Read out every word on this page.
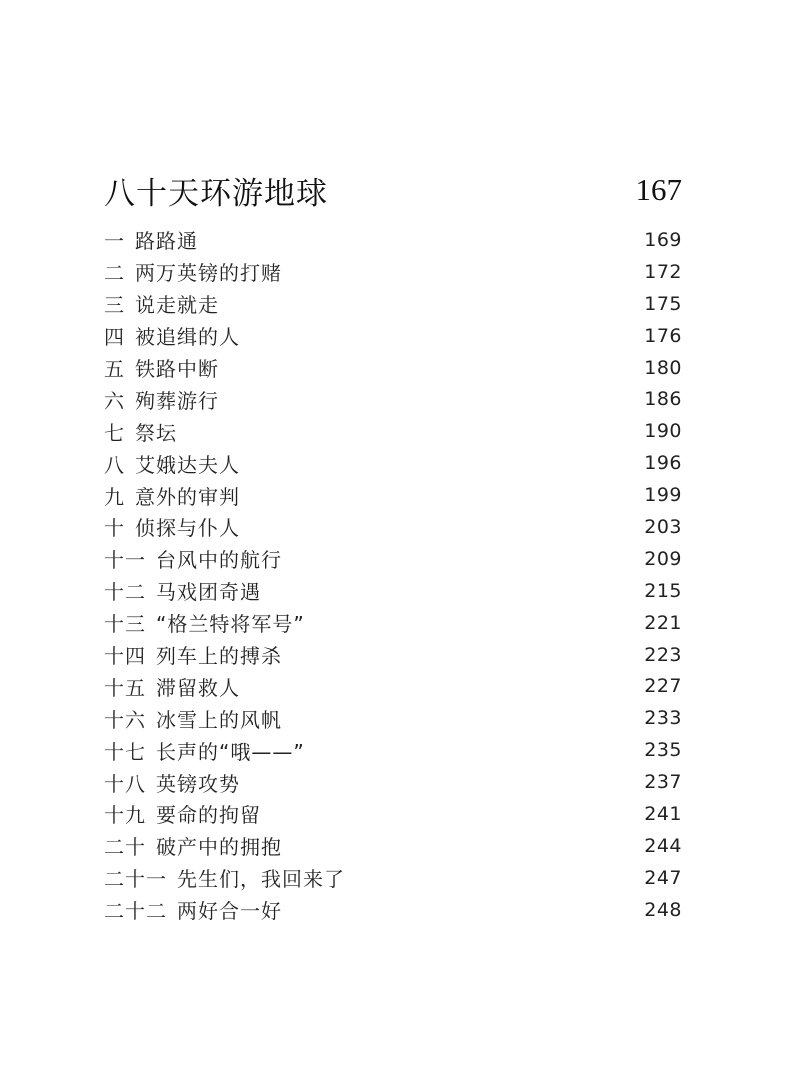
八十天环游地球	167
一 路路通	169
二 两万英镑的打赌	172
三 说走就走	175
四 被追缉的人	176
五 铁路中断	180
六 殉葬游行	186
七 祭坛	190
八 艾娥达夫人	196
九 意外的审判	199
十 侦探与仆人	203
十一 台风中的航行	209
十二 马戏团奇遇	215
十三 “格兰特将军号”	221
十四 列车上的搏杀	223
十五 滞留救人	227
十六 冰雪上的风帆	233
十七 长声的“哦——”	235
十八 英镑攻势	237
十九 要命的拘留	241
二十 破产中的拥抱	244
二十一 先生们，我回来了	247
二十二 两好合一好	248
